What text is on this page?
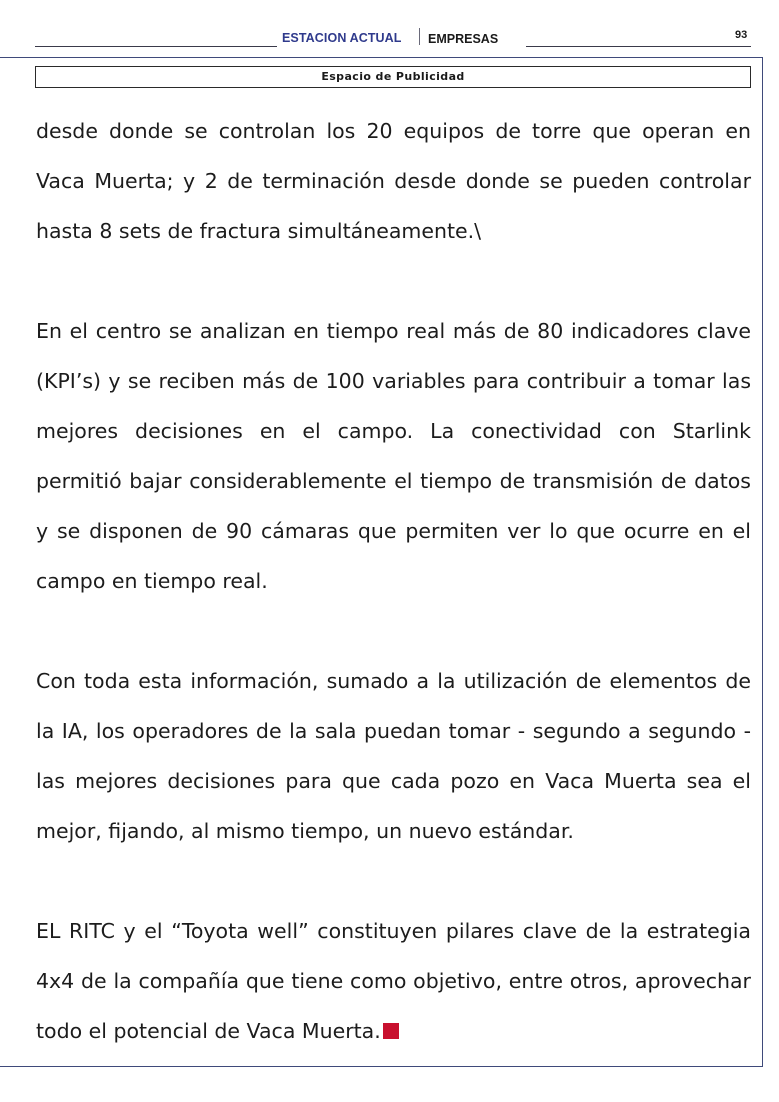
ESTACION ACTUAL EMPRESAS	93
Espacio de Publicidad

desde donde se controlan los 20 equipos de torre que operan en Vaca Muerta; y 2 de terminación desde donde se pueden controlar hasta 8 sets de fractura simultáneamente.\

En el centro se analizan en tiempo real más de 80 indicadores clave (KPI’s) y se reciben más de 100 variables para contribuir a tomar las mejores decisiones en el campo. La conectividad con Starlink permitió bajar considerablemente el tiempo de transmisión de datos y se disponen de 90 cámaras que permiten ver lo que ocurre en el campo en tiempo real.

Con toda esta información, sumado a la utilización de elementos de la IA, los operadores de la sala puedan tomar - segundo a segundo - las mejores decisiones para que cada pozo en Vaca Muerta sea el mejor, fijando, al mismo tiempo, un nuevo estándar.

EL RITC y el “Toyota well” constituyen pilares clave de la estrategia 4x4 de la compañía que tiene como objetivo, entre otros, aprovechar todo el potencial de Vaca Muerta.
